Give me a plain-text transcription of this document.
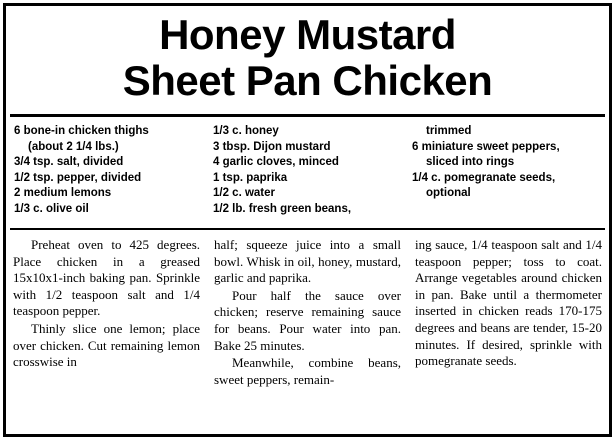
Honey Mustard
Sheet Pan Chicken
6 bone-in chicken thighs
(about 2 1/4 lbs.)
3/4 tsp. salt, divided
1/2 tsp. pepper, divided
2 medium lemons
1/3 c. olive oil
1/3 c. honey
3 tbsp. Dijon mustard
4 garlic cloves, minced
1 tsp. paprika
1/2 c. water
1/2 lb. fresh green beans,
trimmed
6 miniature sweet peppers,
sliced into rings
1/4 c. pomegranate seeds,
optional

Preheat oven to 425 degrees. Place chicken in a greased 15x10x1-inch baking pan. Sprinkle with 1/2 teaspoon salt and 1/4 teaspoon pepper.

Thinly slice one lemon; place over chicken. Cut remaining lemon crosswise in

half; squeeze juice into a small bowl. Whisk in oil, honey, mustard, garlic and paprika.

Pour half the sauce over chicken; reserve remaining sauce for beans. Pour water into pan. Bake 25 minutes.

Meanwhile, combine beans, sweet peppers, remain-

ing sauce, 1/4 teaspoon salt and 1/4 teaspoon pepper; toss to coat. Arrange vegetables around chicken in pan. Bake until a thermometer inserted in chicken reads 170-175 degrees and beans are tender, 15-20 minutes. If desired, sprinkle with pomegranate seeds.
